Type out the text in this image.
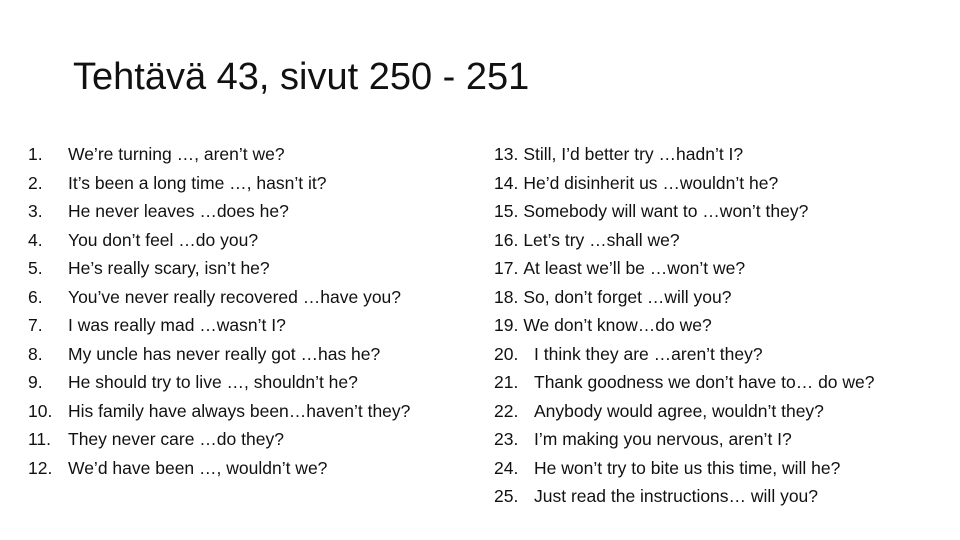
Tehtävä 43, sivut 250 - 251
1.	We’re turning …, aren’t we?
2.	It’s been a long time …, hasn’t it?
3.	He never leaves …does he?
4.	You don’t feel …do you?
5.	He’s really scary, isn’t he?
6.	You’ve never really recovered …have you?
7.	I was really mad …wasn’t I?
8.	My uncle has never really got …has he?
9.	He should try to live …, shouldn’t he?
10. His family have always been…haven’t they?
11. They never care …do they?
12. We’d have been …, wouldn’t we?
13. Still, I’d better try …hadn’t I?
14. He’d disinherit us …wouldn’t he?
15. Somebody will want to …won’t they?
16. Let’s try …shall we?
17. At least we’ll be …won’t we?
18. So, don’t forget …will you?
19. We don’t know…do we?
20. I think they are …aren’t they?
21. Thank goodness we don’t have to… do we?
22. Anybody would agree, wouldn’t they?
23. I’m making you nervous, aren’t I?
24. He won’t try to bite us this time, will he?
25. Just read the instructions… will you?
